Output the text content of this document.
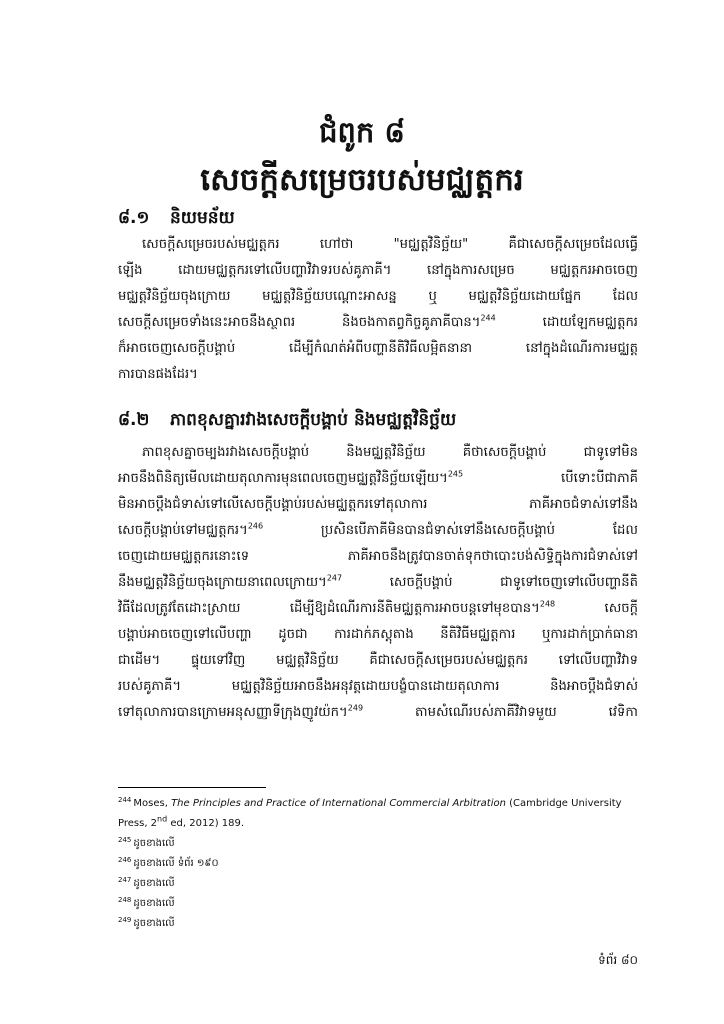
ជំពូក ៨
សេចក្ដីសម្រេចរបស់មជ្ឈត្តករ
៨.១ និយមន័យ
សេចក្ដីសម្រេចរបស់មជ្ឈត្តករ ហៅថា "មជ្ឈត្តវិនិច្ឆ័យ" គឺជាសេចក្ដីសម្រេចដែលធ្វើ
ឡើង ដោយមជ្ឈត្តករទៅលើបញ្ហាវិវាទរបស់គូភាគី។ នៅក្នុងការសម្រេច មជ្ឈត្តករអាចចេញ
មជ្ឈត្តវិនិច្ឆ័យចុងក្រោយ មជ្ឈត្តវិនិច្ឆ័យបណ្ដោះអាសន្ន ឬ មជ្ឈត្តវិនិច្ឆ័យដោយផ្នែក ដែល
សេចក្ដីសម្រេចទាំងនេះអាចនឹងស្ថាពរ និងចងកាតព្វកិច្ចគូភាគីបាន។$^{244}$ ដោយឡែកមជ្ឈត្តករ
ក៏អាចចេញសេចក្ដីបង្គាប់ ដើម្បីកំណត់អំពីបញ្ហានីតិវិធីលម្អិតនានា នៅក្នុងដំណើរការមជ្ឈត្ត
ការបានផងដែរ។
៨.២ ភាពខុសគ្នារវាងសេចក្ដីបង្គាប់ និងមជ្ឈត្តវិនិច្ឆ័យ
ភាពខុសគ្នាចម្បងរវាងសេចក្ដីបង្គាប់ និងមជ្ឈត្តវិនិច្ឆ័យ គឺថាសេចក្ដីបង្គាប់ ជាទូទៅមិន
អាចនឹងពិនិត្យមើលដោយតុលាការមុនពេលចេញមជ្ឈត្តវិនិច្ឆ័យឡើយ។$^{245}$ បើទោះបីជាភាគី
មិនអាចប្ដឹងជំទាស់ទៅលើសេចក្ដីបង្គាប់របស់មជ្ឈត្តករទៅតុលាការ ភាគីអាចជំទាស់ទៅនឹង
សេចក្ដីបង្គាប់ទៅមជ្ឈត្តករ។$^{246}$ ប្រសិនបើភាគីមិនបានជំទាស់ទៅនឹងសេចក្ដីបង្គាប់ ដែល
ចេញដោយមជ្ឈត្តករនោះទេ ភាគីអាចនឹងត្រូវបានចាត់ទុកថាបោះបង់សិទ្ធិក្នុងការជំទាស់ទៅ
នឹងមជ្ឈត្តវិនិច្ឆ័យចុងក្រោយនាពេលក្រោយ។$^{247}$ សេចក្ដីបង្គាប់ ជាទូទៅចេញទៅលើបញ្ហានីតិ
វិធីដែលត្រូវតែដោះស្រាយ ដើម្បីឱ្យដំណើរការនីតិមជ្ឈត្តការអាចបន្តទៅមុខបាន។$^{248}$ សេចក្ដី
បង្គាប់អាចចេញទៅលើបញ្ហា ដូចជា ការដាក់ភស្តុតាង នីតិវិធីមជ្ឈត្តការ ឬការដាក់ប្រាក់ធានា
ជាដើម។ ផ្ទុយទៅវិញ មជ្ឈត្តវិនិច្ឆ័យ គឺជាសេចក្ដីសម្រេចរបស់មជ្ឈត្តករ ទៅលើបញ្ហាវិវាទ
របស់គូភាគី។ មជ្ឈត្តវិនិច្ឆ័យអាចនឹងអនុវត្តដោយបង្ខំបានដោយតុលាការ និងអាចប្ដឹងជំទាស់
ទៅតុលាការបានក្រោមអនុសញ្ញាទីក្រុងញូវយ៉ក។$^{249}$ តាមសំណើរបស់ភាគីវិវាទមួយ វេទិកា
$^{244}$ Moses, The Principles and Practice of International Commercial Arbitration (Cambridge University
Press, 2nd ed, 2012) 189.
$^{245}$ ដូចខាងលើ
$^{246}$ ដូចខាងលើ ទំព័រ ១៩០
$^{247}$ ដូចខាងលើ
$^{248}$ ដូចខាងលើ
$^{249}$ ដូចខាងលើ
ទំព័រ ៨០
